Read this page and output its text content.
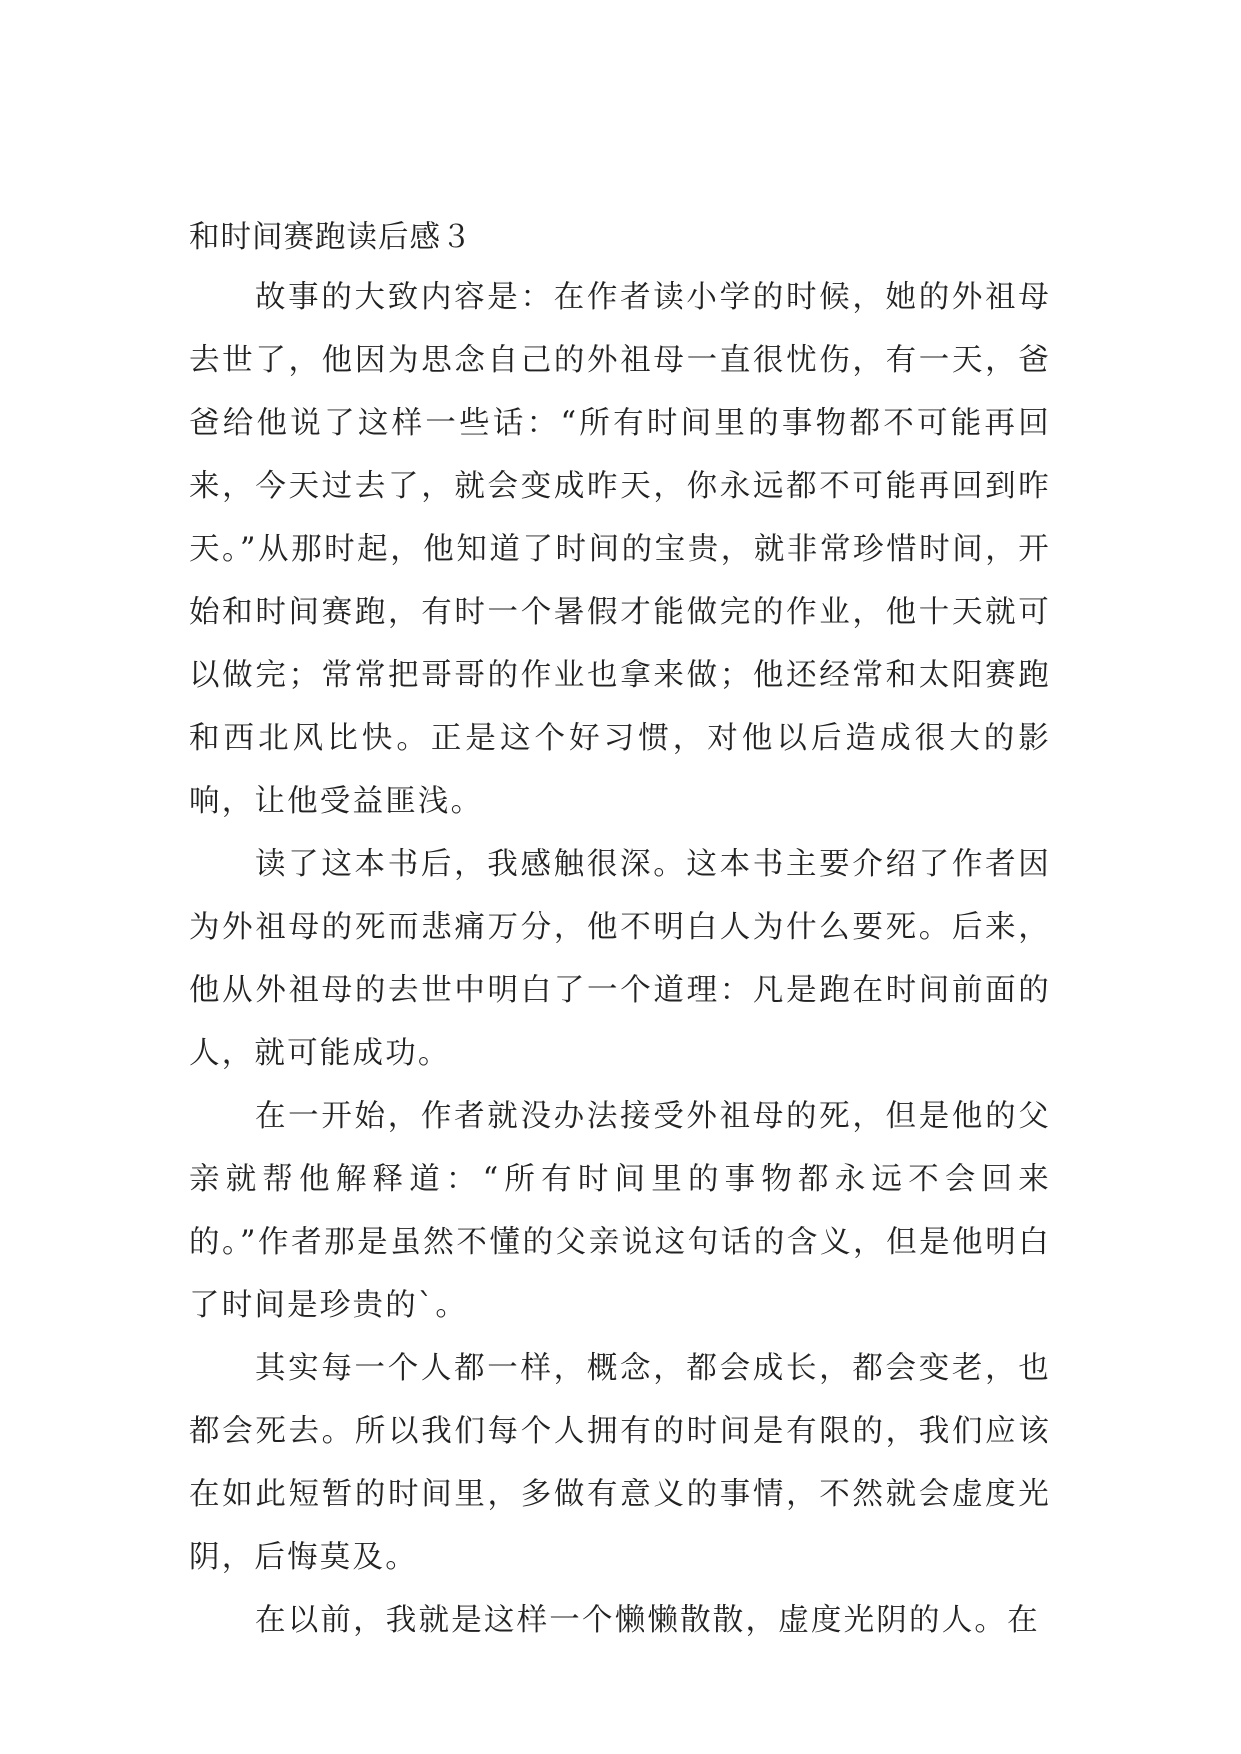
和时间赛跑读后感３

故事的大致内容是：在作者读小学的时候，她的外祖母去世了，他因为思念自己的外祖母一直很忧伤，有一天，爸爸给他说了这样一些话：“所有时间里的事物都不可能再回来，今天过去了，就会变成昨天，你永远都不可能再回到昨天。”从那时起，他知道了时间的宝贵，就非常珍惜时间，开始和时间赛跑，有时一个暑假才能做完的作业，他十天就可以做完；常常把哥哥的作业也拿来做；他还经常和太阳赛跑和西北风比快。正是这个好习惯，对他以后造成很大的影响，让他受益匪浅。

读了这本书后，我感触很深。这本书主要介绍了作者因为外祖母的死而悲痛万分，他不明白人为什么要死。后来，他从外祖母的去世中明白了一个道理：凡是跑在时间前面的人，就可能成功。

在一开始，作者就没办法接受外祖母的死，但是他的父亲就帮他解释道：“所有时间里的事物都永远不会回来的。”作者那是虽然不懂的父亲说这句话的含义，但是他明白了时间是珍贵的`。

其实每一个人都一样，概念，都会成长，都会变老，也都会死去。所以我们每个人拥有的时间是有限的，我们应该在如此短暂的时间里，多做有意义的事情，不然就会虚度光阴，后悔莫及。

在以前，我就是这样一个懒懒散散，虚度光阴的人。在
